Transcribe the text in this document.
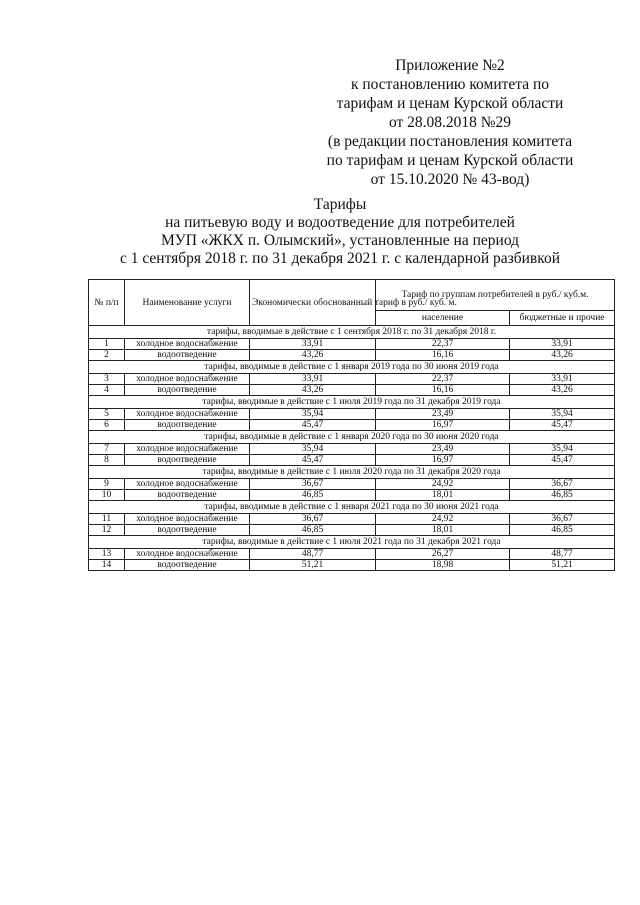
Приложение №2
к постановлению комитета по
тарифам и ценам Курской области
от 28.08.2018 №29
(в редакции постановления комитета
по тарифам и ценам Курской области
от 15.10.2020 № 43-вод)
Тарифы
на питьевую воду и водоотведение для потребителей
МУП «ЖКХ п. Олымский», установленные на период
с 1 сентября 2018 г. по 31 декабря 2021 г. с календарной разбивкой
№ п/п	Наименование услуги	Экономически обоснованный тариф в руб./ куб. м.	Тариф по группам потребителей в руб./ куб.м.	
			население	бюджетные и прочие
тарифы, вводимые в действие с 1 сентября 2018 г. по 31 декабря 2018 г.				
1	холодное водоснабжение	33,91	22,37	33,91
2	водоотведение	43,26	16,16	43,26
тарифы, вводимые в действие с 1 января 2019 года по 30 июня 2019 года				
3	холодное водоснабжение	33,91	22,37	33,91
4	водоотведение	43,26	16,16	43,26
тарифы, вводимые в действие с 1 июля 2019 года по 31 декабря 2019 года				
5	холодное водоснабжение	35,94	23,49	35,94
6	водоотведение	45,47	16,97	45,47
тарифы, вводимые в действие с 1 января 2020 года по 30 июня 2020 года				
7	холодное водоснабжение	35,94	23,49	35,94
8	водоотведение	45,47	16,97	45,47
тарифы, вводимые в действие с 1 июля 2020 года по 31 декабря 2020 года				
9	холодное водоснабжение	36,67	24,92	36,67
10	водоотведение	46,85	18,01	46,85
тарифы, вводимые в действие с 1 января 2021 года по 30 июня 2021 года				
11	холодное водоснабжение	36,67	24,92	36,67
12	водоотведение	46,85	18,01	46,85
тарифы, вводимые в действие с 1 июля 2021 года по 31 декабря 2021 года				
13	холодное водоснабжение	48,77	26,27	48,77
14	водоотведение	51,21	18,98	51,21
